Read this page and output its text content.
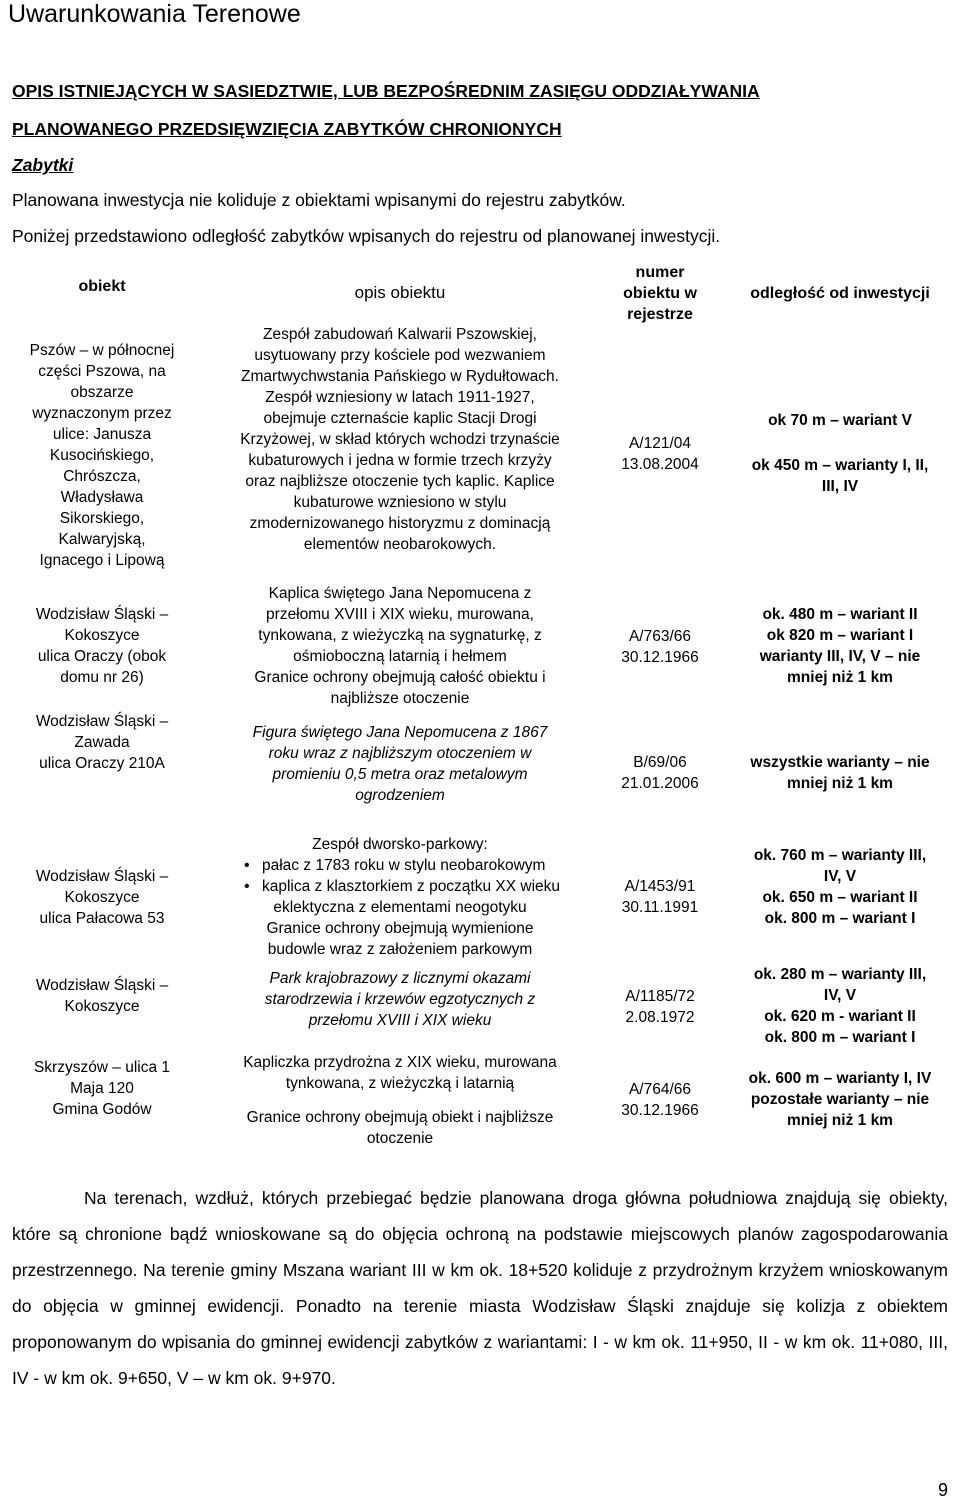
Uwarunkowania Terenowe
OPIS ISTNIEJĄCYCH W SASIEDZTWIE, LUB BEZPOŚREDNIM ZASIĘGU ODDZIAŁYWANIA
PLANOWANEGO PRZEDSIĘWZIĘCIA ZABYTKÓW CHRONIONYCH
Zabytki
Planowana inwestycja nie koliduje z obiektami wpisanymi do rejestru zabytków.
Poniżej przedstawiono odległość zabytków wpisanych do rejestru od planowanej inwestycji.
obiekt	opis obiektu
numer
obiektu w
rejestrze
odległość od inwestycji
Pszów – w północnej
części Pszowa, na
obszarze
wyznaczonym przez
ulice: Janusza
Kusocińskiego,
Chrószcza,
Władysława
Sikorskiego,
Kalwaryjską,
Ignacego i Lipową
Zespół zabudowań Kalwarii Pszowskiej,
usytuowany przy kościele pod wezwaniem
Zmartwychwstania Pańskiego w Rydułtowach.
Zespół wzniesiony w latach 1911-1927,
obejmuje czternaście kaplic Stacji Drogi
Krzyżowej, w skład których wchodzi trzynaście
kubaturowych i jedna w formie trzech krzyży
oraz najbliższe otoczenie tych kaplic. Kaplice
kubaturowe wzniesiono w stylu
zmodernizowanego historyzmu z dominacją
elementów neobarokowych.
A/121/04
13.08.2004
ok 70 m – wariant V
ok 450 m – warianty I, II,
III, IV
Wodzisław Śląski –
Kokoszyce
ulica Oraczy (obok
domu nr 26)
Kaplica świętego Jana Nepomucena z
przełomu XVIII i XIX wieku, murowana,
tynkowana, z wieżyczką na sygnaturkę, z
ośmioboczną latarnią i hełmem
Granice ochrony obejmują całość obiektu i
najbliższe otoczenie
A/763/66
30.12.1966
ok. 480 m – wariant II
ok 820 m – wariant I
warianty III, IV, V – nie
mniej niż 1 km
Wodzisław Śląski –
Zawada
ulica Oraczy 210A
Figura świętego Jana Nepomucena z 1867
roku wraz z najbliższym otoczeniem w
promieniu 0,5 metra oraz metalowym
ogrodzeniem
B/69/06
21.01.2006
wszystkie warianty – nie
mniej niż 1 km
Wodzisław Śląski –
Kokoszyce
ulica Pałacowa 53
Zespół dworsko-parkowy:
• pałac z 1783 roku w stylu neobarokowym
• kaplica z klasztorkiem z początku XX wieku
eklektyczna z elementami neogotyku
Granice ochrony obejmują wymienione
budowle wraz z założeniem parkowym
A/1453/91
30.11.1991
ok. 760 m – warianty III,
IV, V
ok. 650 m – wariant II
ok. 800 m – wariant I
Wodzisław Śląski –
Kokoszyce
Park krajobrazowy z licznymi okazami
starodrzewia i krzewów egzotycznych z
przełomu XVIII i XIX wieku
A/1185/72
2.08.1972
ok. 280 m – warianty III,
IV, V
ok. 620 m - wariant II
ok. 800 m – wariant I
Skrzyszów – ulica 1
Maja 120
Gmina Godów
Kapliczka przydrożna z XIX wieku, murowana
tynkowana, z wieżyczką i latarnią
Granice ochrony obejmują obiekt i najbliższe
otoczenie
A/764/66
30.12.1966
ok. 600 m – warianty I, IV
pozostałe warianty – nie
mniej niż 1 km
Na terenach, wzdłuż, których przebiegać będzie planowana droga główna południowa znajdują się obiekty, które są chronione bądź wnioskowane są do objęcia ochroną na podstawie miejscowych planów zagospodarowania przestrzennego. Na terenie gminy Mszana wariant III w km ok. 18+520 koliduje z przydrożnym krzyżem wnioskowanym do objęcia w gminnej ewidencji. Ponadto na terenie miasta Wodzisław Śląski znajduje się kolizja z obiektem proponowanym do wpisania do gminnej ewidencji zabytków z wariantami: I - w km ok. 11+950, II - w km ok. 11+080, III, IV - w km ok. 9+650, V – w km ok. 9+970.
9
